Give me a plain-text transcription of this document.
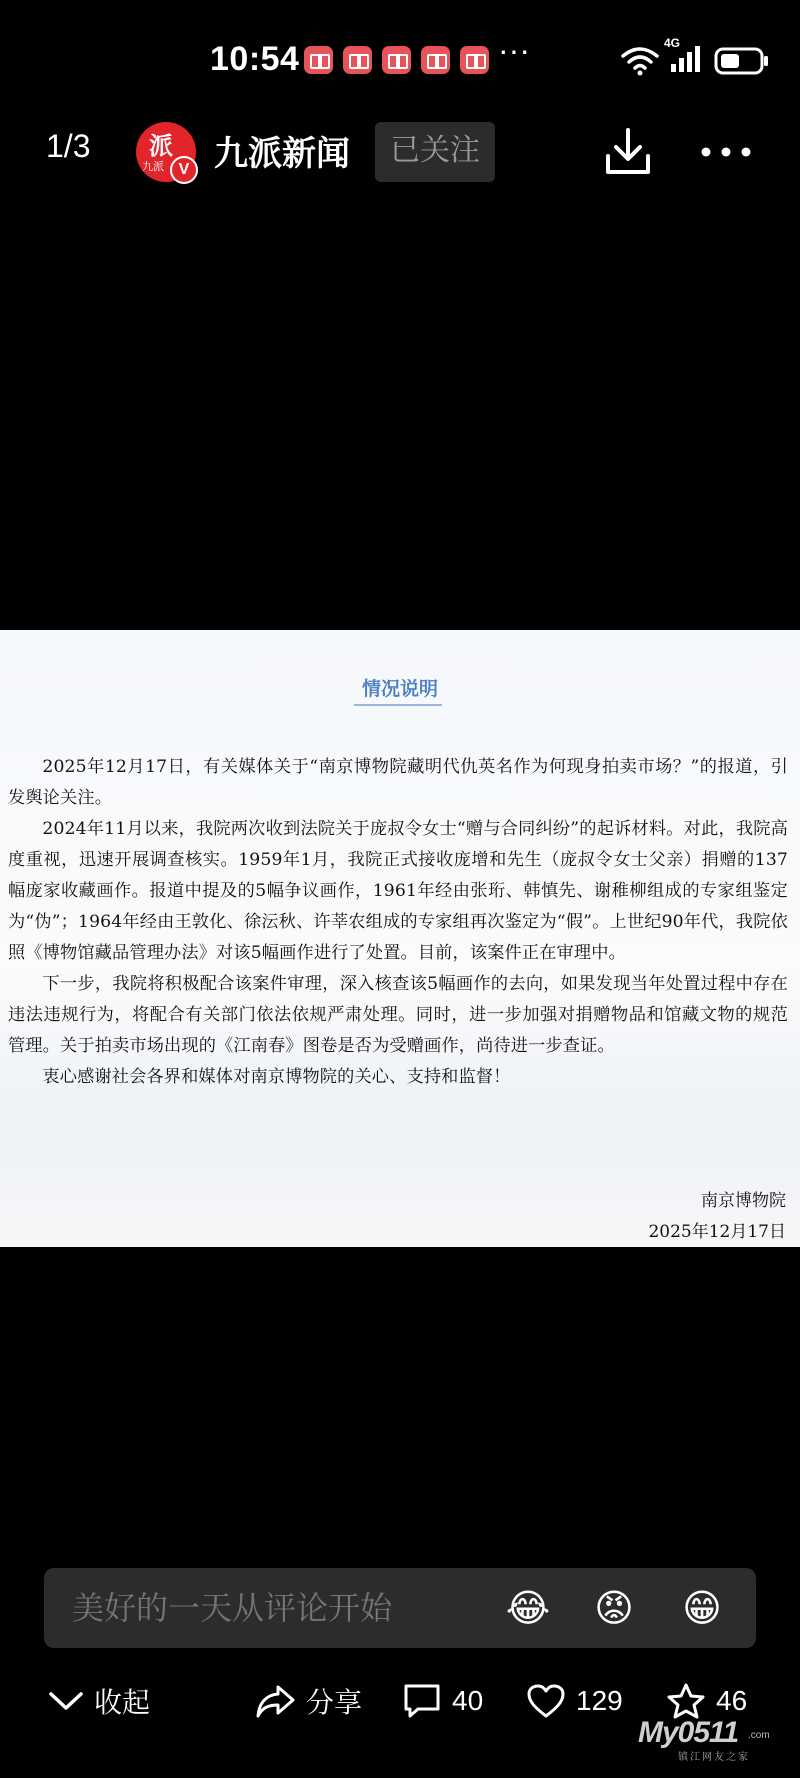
10:54	···	4G
1/3 派
九派 V 九派新闻	已关注
情况说明

2025年12月17日，有关媒体关于“南京博物院藏明代仇英名作为何现身拍卖市场？”的报道，引发舆论关注。

2024年11月以来，我院两次收到法院关于庞叔令女士“赠与合同纠纷”的起诉材料。对此，我院高度重视，迅速开展调查核实。1959年1月，我院正式接收庞增和先生（庞叔令女士父亲）捐赠的137幅庞家收藏画作。报道中提及的5幅争议画作，1961年经由张珩、韩慎先、谢稚柳组成的专家组鉴定为“伪”；1964年经由王敦化、徐沄秋、许莘农组成的专家组再次鉴定为“假”。上世纪90年代，我院依照《博物馆藏品管理办法》对该5幅画作进行了处置。目前，该案件正在审理中。

下一步，我院将积极配合该案件审理，深入核查该5幅画作的去向，如果发现当年处置过程中存在违法违规行为，将配合有关部门依法依规严肃处理。同时，进一步加强对捐赠物品和馆藏文物的规范管理。关于拍卖市场出现的《江南春》图卷是否为受赠画作，尚待进一步查证。

衷心感谢社会各界和媒体对南京博物院的关心、支持和监督！

南京博物院
2025年12月17日
美好的一天从评论开始
😂 😡 😁
收起	分享	40	129	46
My0511 .com
镇江网友之家
